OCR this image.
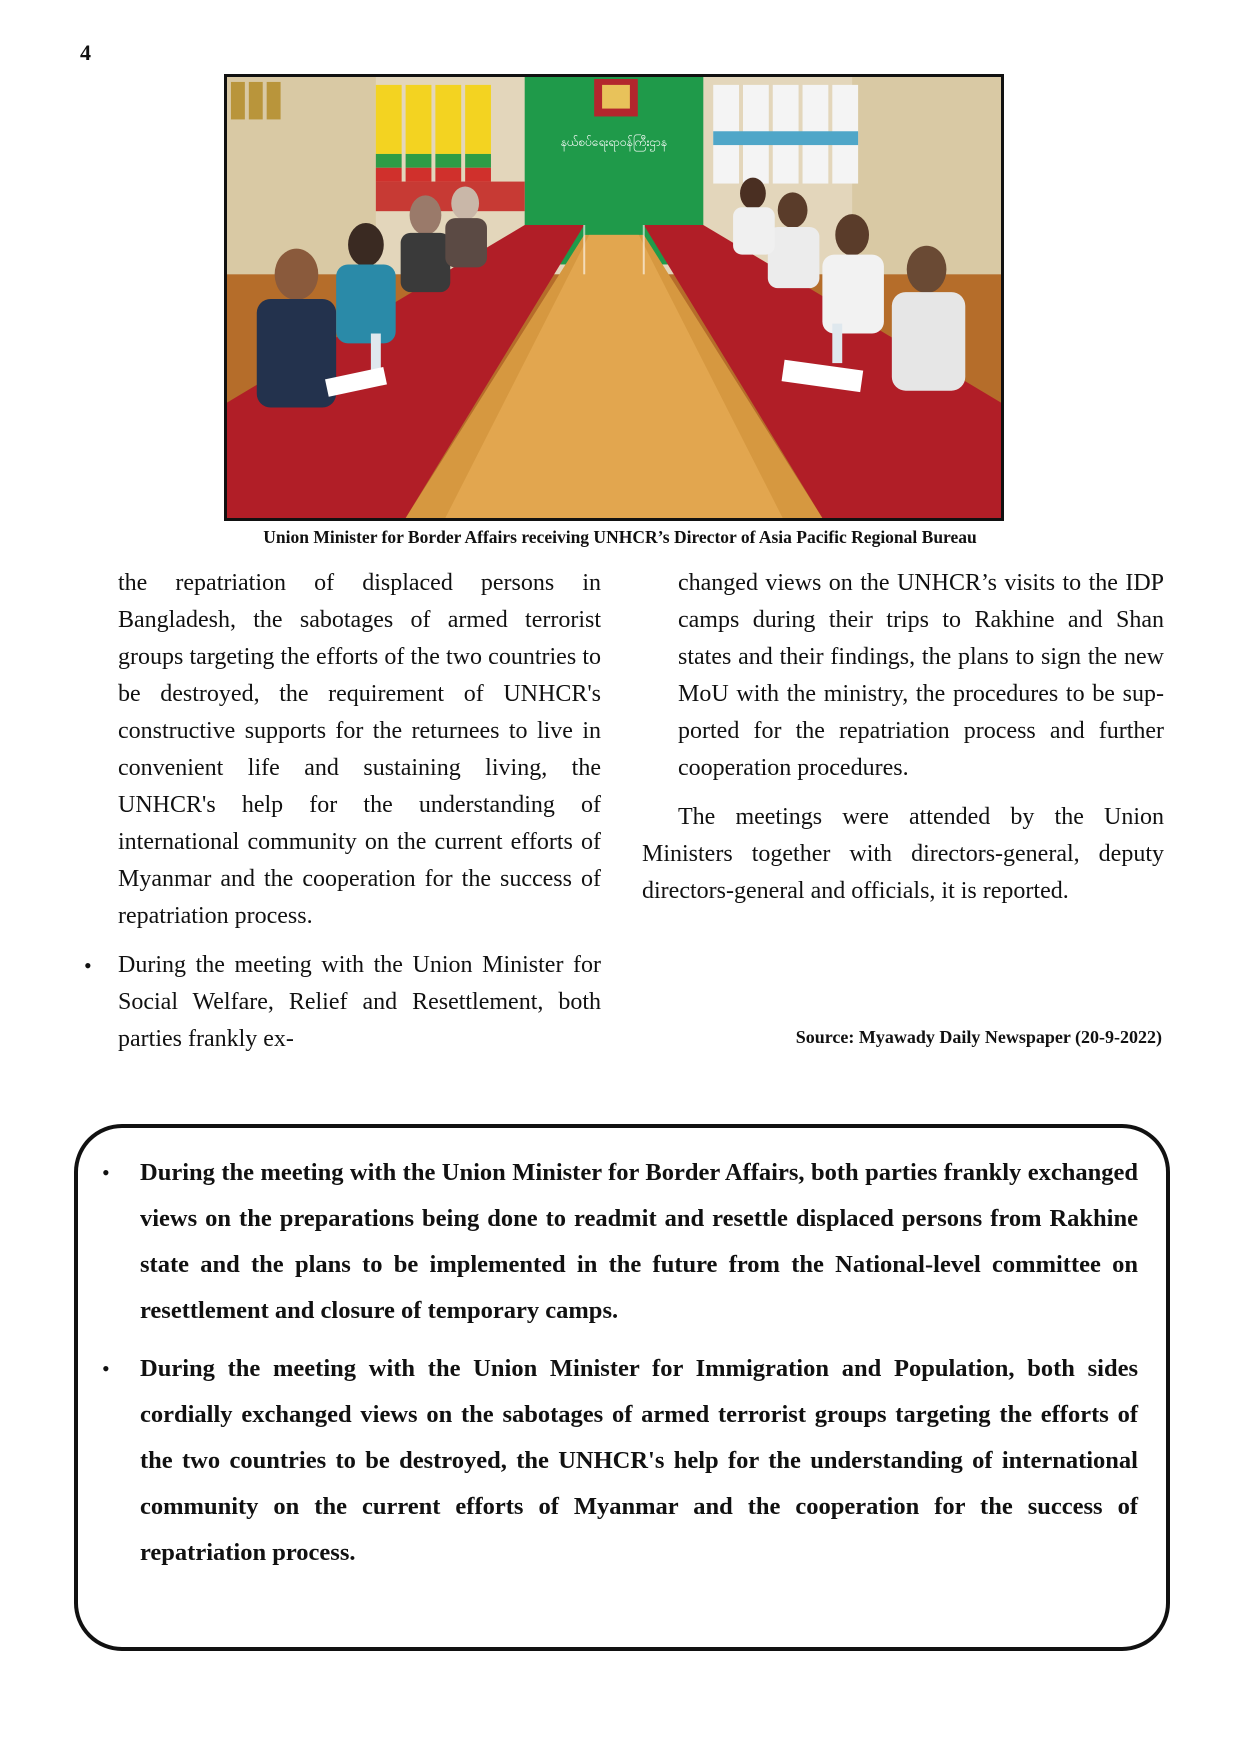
4
နယ်စပ်ရေးရာဝန်ကြီးဌာန
Union Minister for Border Affairs receiving UNHCR’s Director of Asia Pacific Regional Bureau

the repatriation of displaced persons in Bangladesh, the sabotages of armed terrorist groups targeting the efforts of the two countries to be destroyed, the requirement of UNHCR's constructive supports for the returnees to live in convenient life and sustaining living, the UNHCR's help for the understanding of international community on the current efforts of Myanmar and the cooperation for the success of repatriation process.

• During the meeting with the Union Minister for Social Welfare, Relief and Resettlement, both parties frankly ex-

changed views on the UNHCR’s visits to the IDP camps during their trips to Rakhine and Shan states and their findings, the plans to sign the new MoU with the ministry, the procedures to be supported for the repatriation process and further cooperation procedures.

The meetings were attended by the Union Ministers together with directors-general, deputy directors-general and officials, it is reported.

Source: Myawady Daily Newspaper (20-9-2022)

• During the meeting with the Union Minister for Border Affairs, both parties frankly exchanged views on the preparations being done to readmit and resettle displaced persons from Rakhine state and the plans to be implemented in the future from the National-level committee on resettlement and closure of temporary camps.

• During the meeting with the Union Minister for Immigration and Population, both sides cordially exchanged views on the sabotages of armed terrorist groups targeting the efforts of the two countries to be destroyed, the UNHCR's help for the understanding of international community on the current efforts of Myanmar and the cooperation for the success of repatriation process.
